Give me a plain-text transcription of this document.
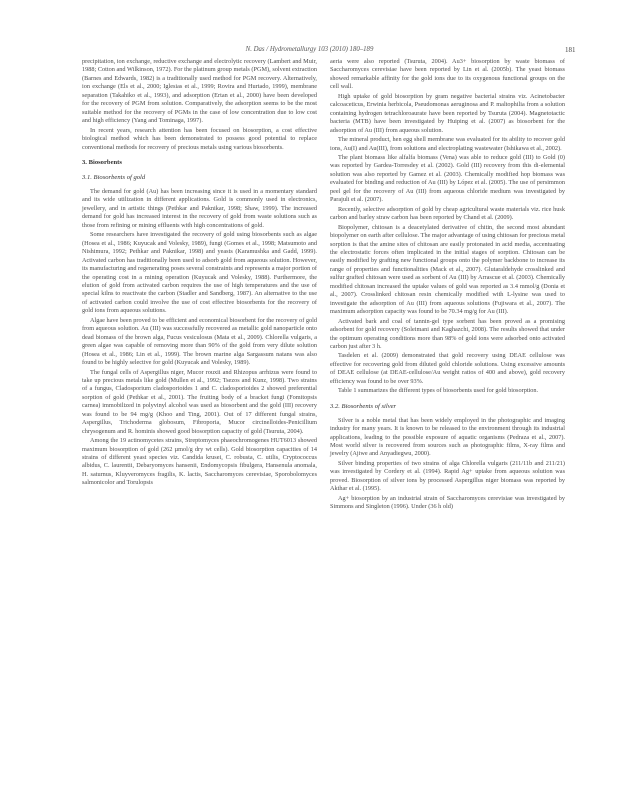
N. Das / Hydrometallurgy 103 (2010) 180–189	181

precipitation, ion exchange, reductive exchange and electrolytic recovery (Lambert and Muir, 1988; Cotton and Wilkinson, 1972). For the platinum group metals (PGM), solvent extraction (Barnes and Edwards, 1982) is a traditionally used method for PGM recovery. Alternatively, ion exchange (Els et al., 2000; Iglesias et al., 1999; Rovira and Hurtado, 1999), membrane separation (Takahiko et al., 1993), and adsorption (Ertan et al., 2000) have been developed for the recovery of PGM from solution. Comparatively, the adsorption seems to be the most suitable method for the recovery of PGMs in the case of low concentration due to low cost and high efficiency (Yang and Tominaga, 1997).

In recent years, research attention has been focused on biosorption, a cost effective biological method which has been demonstrated to possess good potential to replace conventional methods for recovery of precious metals using various biosorbents.

3. Biosorbents
3.1. Biosorbents of gold

The demand for gold (Au) has been increasing since it is used in a momentary standard and its wide utilization in different applications. Gold is commonly used in electronics, jewellery, and in artistic things (Pethkar and Paknikar, 1998; Shaw, 1999). The increased demand for gold has increased interest in the recovery of gold from waste solutions such as those from refining or mining effluents with high concentrations of gold.

Some researchers have investigated the recovery of gold using biosorbents such as algae (Hosea et al., 1986; Kuyucak and Volesky, 1989), fungi (Gomes et al., 1998; Matsumoto and Nishimura, 1992; Pethkar and Paknikar, 1998) and yeasts (Karamushka and Gadd, 1999). Activated carbon has traditionally been used to adsorb gold from aqueous solution. However, its manufacturing and regenerating poses several constraints and represents a major portion of the operating cost in a mining operation (Kuyucak and Volesky, 1988). Furthermore, the elution of gold from activated carbon requires the use of high temperatures and the use of special kilns to reactivate the carbon (Stadler and Sandberg, 1987). An alternative to the use of activated carbon could involve the use of cost effective biosorbents for the recovery of gold ions from aqueous solutions.

Algae have been proved to be efficient and economical biosorbent for the recovery of gold from aqueous solution. Au (III) was successfully recovered as metallic gold nanoparticle onto dead biomass of the brown alga, Fucus vesiculosus (Mata et al., 2009). Chlorella vulgaris, a green algae was capable of removing more than 90% of the gold from very dilute solution (Hosea et al., 1986; Lin et al., 1999). The brown marine alga Sargassum natans was also found to be highly selective for gold (Kuyucak and Volesky, 1989).

The fungal cells of Aspergillus niger, Mucor rouxii and Rhizopus arrhizus were found to take up precious metals like gold (Mullen et al., 1992; Tsezos and Kunz, 1998). Two strains of a fungus, Cladosporium cladosporioides 1 and C. cladosporioides 2 showed preferential sorption of gold (Pethkar et al., 2001). The fruiting body of a bracket fungi (Fomitopsis carnea) immobilized in polyvinyl alcohol was used as biosorbent and the gold (III) recovery was found to be 94 mg/g (Khoo and Ting, 2001). Out of 17 different fungal strains, Aspergillus, Trichoderma globosum, Fibroporia, Mucor circinelloides-Penicillium chrysogenum and R. hominis showed good biosorption capacity of gold (Tsuruta, 2004).

Among the 19 actinomycetes strains, Streptomyces phaeochromogenes HUT6013 showed maximum biosorption of gold (262 µmol/g dry wt cells). Gold biosorption capacities of 14 strains of different yeast species viz. Candida krusei, C. robusta, C. utilis, Cryptococcus albidus, C. laurentii, Debaryomyces hansenii, Endomycopsis fibulgera, Hansenula anomala, H. saturnus, Kluyveromyces fragilis, K. lactis, Saccharomyces cerevisiae, Sporobolomyces salmonicolor and Torulopsis

aeria were also reported (Tsuruta, 2004). Au3+ biosorption by waste biomass of Saccharomyces cerevisiae have been reported by Lin et al. (2005b). The yeast biomass showed remarkable affinity for the gold ions due to its oxygenous functional groups on the cell wall.

High uptake of gold biosorption by gram negative bacterial strains viz. Acinetobacter calcoaceticus, Erwinia herbicola, Pseudomonas aeruginosa and P. maltophilia from a solution containing hydrogen tetrachloroaurate have been reported by Tsuruta (2004). Magnetotactic bacteria (MTB) have been investigated by Huiping et al. (2007) as biosorbent for the adsorption of Au (III) from aqueous solution.

The mineral product, hen egg shell membrane was evaluated for its ability to recover gold ions, Au(I) and Au(III), from solutions and electroplating wastewater (Ishikawa et al., 2002).

The plant biomass like alfalfa biomass (Vena) was able to reduce gold (III) to Gold (0) was reported by Gardea-Torresdey et al. (2002). Gold (III) recovery from this di-elemental solution was also reported by Gamez et al. (2003). Chemically modified hop biomass was evaluated for binding and reduction of Au (III) by López et al. (2005). The use of persimmon peel gel for the recovery of Au (III) from aqueous chloride medium was investigated by Parajuli et al. (2007).

Recently, selective adsorption of gold by cheap agricultural waste materials viz. rice husk carbon and barley straw carbon has been reported by Chand et al. (2009).

Biopolymer, chitosan is a deacetylated derivative of chitin, the second most abundant biopolymer on earth after cellulose. The major advantage of using chitosan for precious metal sorption is that the amine sites of chitosan are easily protonated in acid media, accentuating the electrostatic forces often implicated in the initial stages of sorption. Chitosan can be easily modified by grafting new functional groups onto the polymer backbone to increase its range of properties and functionalities (Mack et al., 2007). Glutaraldehyde crosslinked and sulfur grafted chitosan were used as sorbent of Au (III) by Arrascue et al. (2003). Chemically modified chitosan increased the uptake values of gold was reported as 3.4 mmol/g (Donia et al., 2007). Crosslinked chitosan resin chemically modified with L-lysine was used to investigate the adsorption of Au (III) from aqueous solutions (Fujiwara et al., 2007). The maximum adsorption capacity was found to be 70.34 mg/g for Au (III).

Activated bark and coal of tannin-gel type sorbent has been proved as a promising adsorbent for gold recovery (Soleimani and Kaghazchi, 2008). The results showed that under the optimum operating conditions more than 98% of gold ions were adsorbed onto activated carbon just after 3 h.

Tasdelen et al. (2009) demonstrated that gold recovery using DEAE cellulose was effective for recovering gold from diluted gold chloride solutions. Using excessive amounts of DEAE cellulose (at DEAE-cellulose/Au weight ratios of 400 and above), gold recovery efficiency was found to be over 93%.

Table 1 summarizes the different types of biosorbents used for gold biosorption.

3.2. Biosorbents of silver

Silver is a noble metal that has been widely employed in the photographic and imaging industry for many years. It is known to be released to the environment through its industrial applications, leading to the possible exposure of aquatic organisms (Pedraza et al., 2007). Most world silver is recovered from sources such as photographic films, X-ray films and jewelry (Ajiwe and Anyadiegwu, 2000).

Silver binding properties of two strains of alga Chlorella vulgaris (211/11b and 211/21) was investigated by Cordery et al. (1994). Rapid Ag+ uptake from aqueous solution was proved. Biosorption of silver ions by processed Aspergillus niger biomass was reported by Akthar et al. (1995).

Ag+ biosorption by an industrial strain of Saccharomyces cerevisiae was investigated by Simmons and Singleton (1996). Under (36 h old)
